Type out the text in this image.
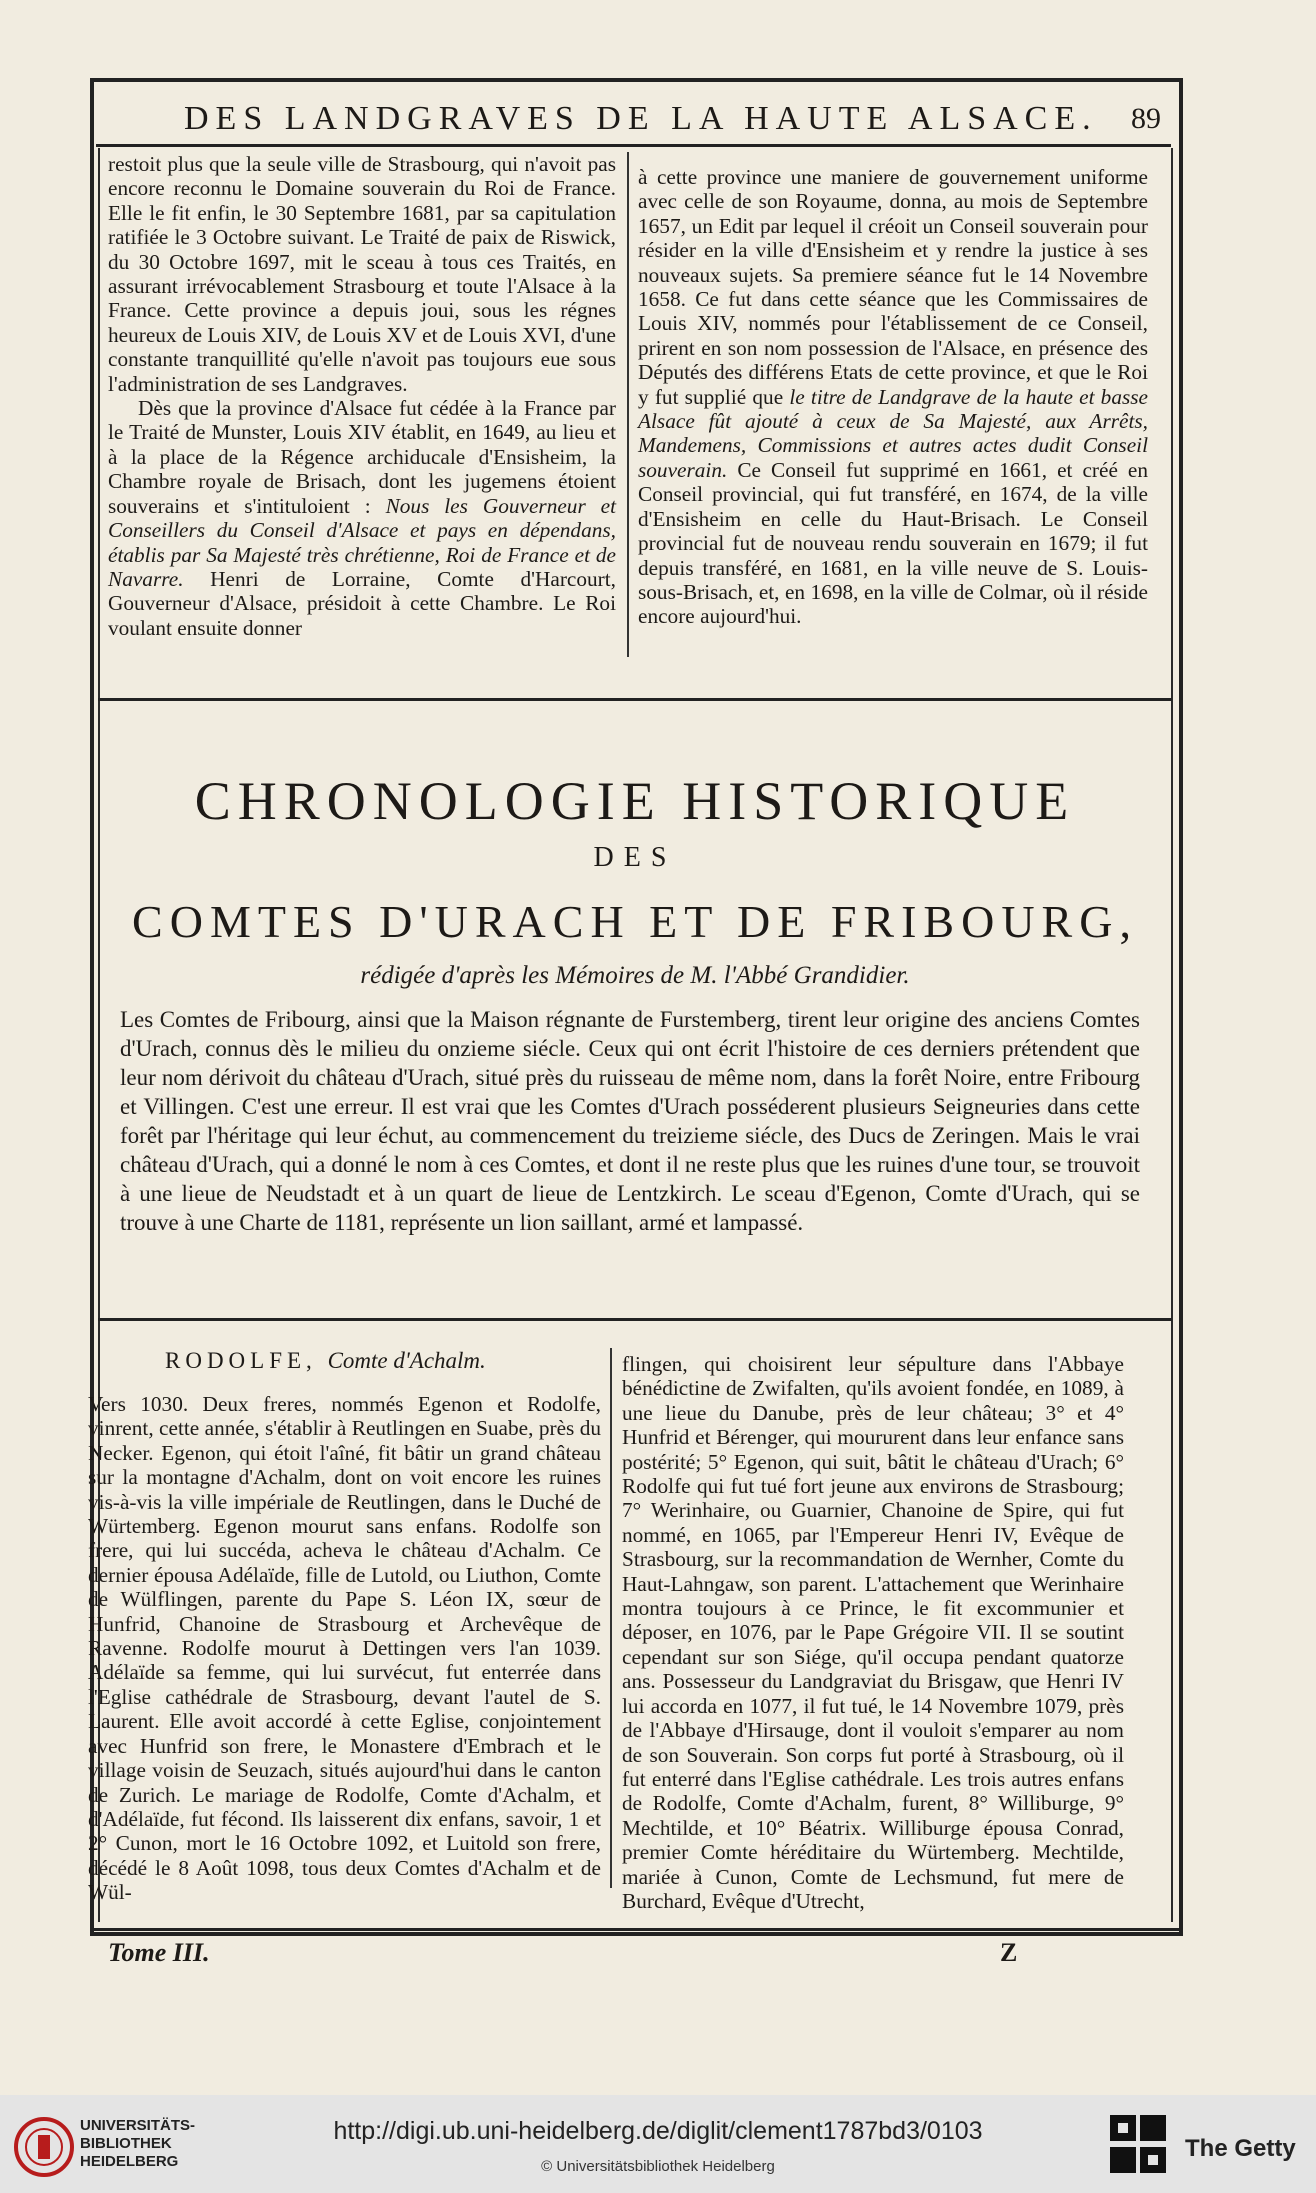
DES LANDGRAVES DE LA HAUTE ALSACE. 89

restoit plus que la seule ville de Strasbourg, qui n'avoit pas encore reconnu le Domaine souverain du Roi de France. Elle le fit enfin, le 30 Septembre 1681, par sa capitulation ratifiée le 3 Octobre suivant. Le Traité de paix de Riswick, du 30 Octobre 1697, mit le sceau à tous ces Traités, en assurant irrévocablement Strasbourg et toute l'Alsace à la France. Cette province a depuis joui, sous les régnes heureux de Louis XIV, de Louis XV et de Louis XVI, d'une constante tranquillité qu'elle n'avoit pas toujours eue sous l'administration de ses Landgraves.

Dès que la province d'Alsace fut cédée à la France par le Traité de Munster, Louis XIV établit, en 1649, au lieu et à la place de la Régence archiducale d'Ensisheim, la Chambre royale de Brisach, dont les jugemens étoient souverains et s'intituloient : Nous les Gouverneur et Conseillers du Conseil d'Alsace et pays en dépendans, établis par Sa Majesté très chrétienne, Roi de France et de Navarre. Henri de Lorraine, Comte d'Harcourt, Gouverneur d'Alsace, présidoit à cette Chambre. Le Roi voulant ensuite donner

à cette province une maniere de gouvernement uniforme avec celle de son Royaume, donna, au mois de Septembre 1657, un Edit par lequel il créoit un Conseil souverain pour résider en la ville d'Ensisheim et y rendre la justice à ses nouveaux sujets. Sa premiere séance fut le 14 Novembre 1658. Ce fut dans cette séance que les Commissaires de Louis XIV, nommés pour l'établissement de ce Conseil, prirent en son nom possession de l'Alsace, en présence des Députés des différens Etats de cette province, et que le Roi y fut supplié que le titre de Landgrave de la haute et basse Alsace fût ajouté à ceux de Sa Majesté, aux Arrêts, Mandemens, Commissions et autres actes dudit Conseil souverain. Ce Conseil fut supprimé en 1661, et créé en Conseil provincial, qui fut transféré, en 1674, de la ville d'Ensisheim en celle du Haut-Brisach. Le Conseil provincial fut de nouveau rendu souverain en 1679; il fut depuis transféré, en 1681, en la ville neuve de S. Louis-sous-Brisach, et, en 1698, en la ville de Colmar, où il réside encore aujourd'hui.

CHRONOLOGIE HISTORIQUE
DES
COMTES D'URACH ET DE FRIBOURG,
rédigée d'après les Mémoires de M. l'Abbé Grandidier.

Les Comtes de Fribourg, ainsi que la Maison régnante de Furstemberg, tirent leur origine des anciens Comtes d'Urach, connus dès le milieu du onzieme siécle. Ceux qui ont écrit l'histoire de ces derniers prétendent que leur nom dérivoit du château d'Urach, situé près du ruisseau de même nom, dans la forêt Noire, entre Fribourg et Villingen. C'est une erreur. Il est vrai que les Comtes d'Urach posséderent plusieurs Seigneuries dans cette forêt par l'héritage qui leur échut, au commencement du treizieme siécle, des Ducs de Zeringen. Mais le vrai château d'Urach, qui a donné le nom à ces Comtes, et dont il ne reste plus que les ruines d'une tour, se trouvoit à une lieue de Neudstadt et à un quart de lieue de Lentzkirch. Le sceau d'Egenon, Comte d'Urach, qui se trouve à une Charte de 1181, représente un lion saillant, armé et lampassé.

RODOLFE, Comte d'Achalm.

Vers 1030. Deux freres, nommés Egenon et Rodolfe, vinrent, cette année, s'établir à Reutlingen en Suabe, près du Necker. Egenon, qui étoit l'aîné, fit bâtir un grand château sur la montagne d'Achalm, dont on voit encore les ruines vis-à-vis la ville impériale de Reutlingen, dans le Duché de Würtemberg. Egenon mourut sans enfans. Rodolfe son frere, qui lui succéda, acheva le château d'Achalm. Ce dernier épousa Adélaïde, fille de Lutold, ou Liuthon, Comte de Wülflingen, parente du Pape S. Léon IX, sœur de Hunfrid, Chanoine de Strasbourg et Archevêque de Ravenne. Rodolfe mourut à Dettingen vers l'an 1039. Adélaïde sa femme, qui lui survécut, fut enterrée dans l'Eglise cathédrale de Strasbourg, devant l'autel de S. Laurent. Elle avoit accordé à cette Eglise, conjointement avec Hunfrid son frere, le Monastere d'Embrach et le village voisin de Seuzach, situés aujourd'hui dans le canton de Zurich. Le mariage de Rodolfe, Comte d'Achalm, et d'Adélaïde, fut fécond. Ils laisserent dix enfans, savoir, 1 et 2° Cunon, mort le 16 Octobre 1092, et Luitold son frere, décédé le 8 Août 1098, tous deux Comtes d'Achalm et de Wül-

flingen, qui choisirent leur sépulture dans l'Abbaye bénédictine de Zwifalten, qu'ils avoient fondée, en 1089, à une lieue du Danube, près de leur château; 3° et 4° Hunfrid et Bérenger, qui moururent dans leur enfance sans postérité; 5° Egenon, qui suit, bâtit le château d'Urach; 6° Rodolfe qui fut tué fort jeune aux environs de Strasbourg; 7° Werinhaire, ou Guarnier, Chanoine de Spire, qui fut nommé, en 1065, par l'Empereur Henri IV, Evêque de Strasbourg, sur la recommandation de Wernher, Comte du Haut-Lahngaw, son parent. L'attachement que Werinhaire montra toujours à ce Prince, le fit excommunier et déposer, en 1076, par le Pape Grégoire VII. Il se soutint cependant sur son Siége, qu'il occupa pendant quatorze ans. Possesseur du Landgraviat du Brisgaw, que Henri IV lui accorda en 1077, il fut tué, le 14 Novembre 1079, près de l'Abbaye d'Hirsauge, dont il vouloit s'emparer au nom de son Souverain. Son corps fut porté à Strasbourg, où il fut enterré dans l'Eglise cathédrale. Les trois autres enfans de Rodolfe, Comte d'Achalm, furent, 8° Williburge, 9° Mechtilde, et 10° Béatrix. Williburge épousa Conrad, premier Comte héréditaire du Würtemberg. Mechtilde, mariée à Cunon, Comte de Lechsmund, fut mere de Burchard, Evêque d'Utrecht,

Tome III.	Z
UNIVERSITÄTS-
BIBLIOTHEK
HEIDELBERG
http://digi.ub.uni-heidelberg.de/diglit/clement1787bd3/0103
© Universitätsbibliothek Heidelberg
The Getty
